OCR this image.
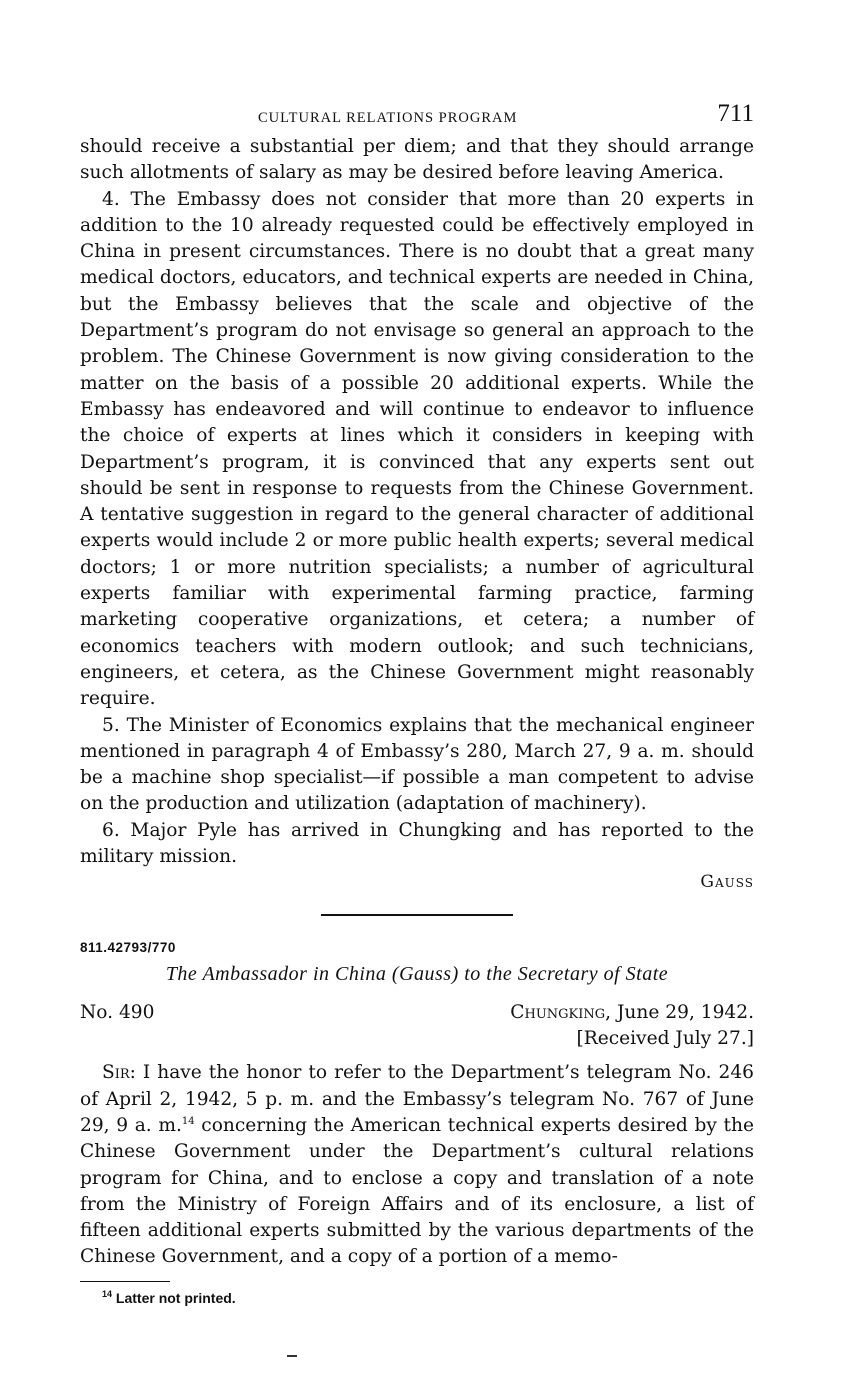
CULTURAL RELATIONS PROGRAM	711

should receive a substantial per diem; and that they should arrange such allotments of salary as may be desired before leaving America.

4. The Embassy does not consider that more than 20 experts in addition to the 10 already requested could be effectively employed in China in present circumstances. There is no doubt that a great many medical doctors, educators, and technical experts are needed in China, but the Embassy believes that the scale and objective of the Department’s program do not envisage so general an approach to the problem. The Chinese Government is now giving consideration to the matter on the basis of a possible 20 additional experts. While the Embassy has endeavored and will continue to endeavor to influence the choice of experts at lines which it considers in keeping with Department’s program, it is convinced that any experts sent out should be sent in response to requests from the Chinese Government. A tentative suggestion in regard to the general character of additional experts would include 2 or more public health experts; several medical doctors; 1 or more nutrition specialists; a number of agricultural experts familiar with experimental farming practice, farming marketing cooperative organizations, et cetera; a number of economics teachers with modern outlook; and such technicians, engineers, et cetera, as the Chinese Government might reasonably require.

5. The Minister of Economics explains that the mechanical engineer mentioned in paragraph 4 of Embassy’s 280, March 27, 9 a. m. should be a machine shop specialist—if possible a man competent to advise on the production and utilization (adaptation of machinery).

6. Major Pyle has arrived in Chungking and has reported to the military mission.

Gauss
811.42793/770
The Ambassador in China (Gauss) to the Secretary of State
No. 490	Chungking, June 29, 1942.
[Received July 27.]

Sir: I have the honor to refer to the Department’s telegram No. 246 of April 2, 1942, 5 p. m. and the Embassy’s telegram No. 767 of June 29, 9 a. m.$^{14}$ concerning the American technical experts desired by the Chinese Government under the Department’s cultural relations program for China, and to enclose a copy and translation of a note from the Ministry of Foreign Affairs and of its enclosure, a list of fifteen additional experts submitted by the various departments of the Chinese Government, and a copy of a portion of a memo-

$^{14}$ Latter not printed.
